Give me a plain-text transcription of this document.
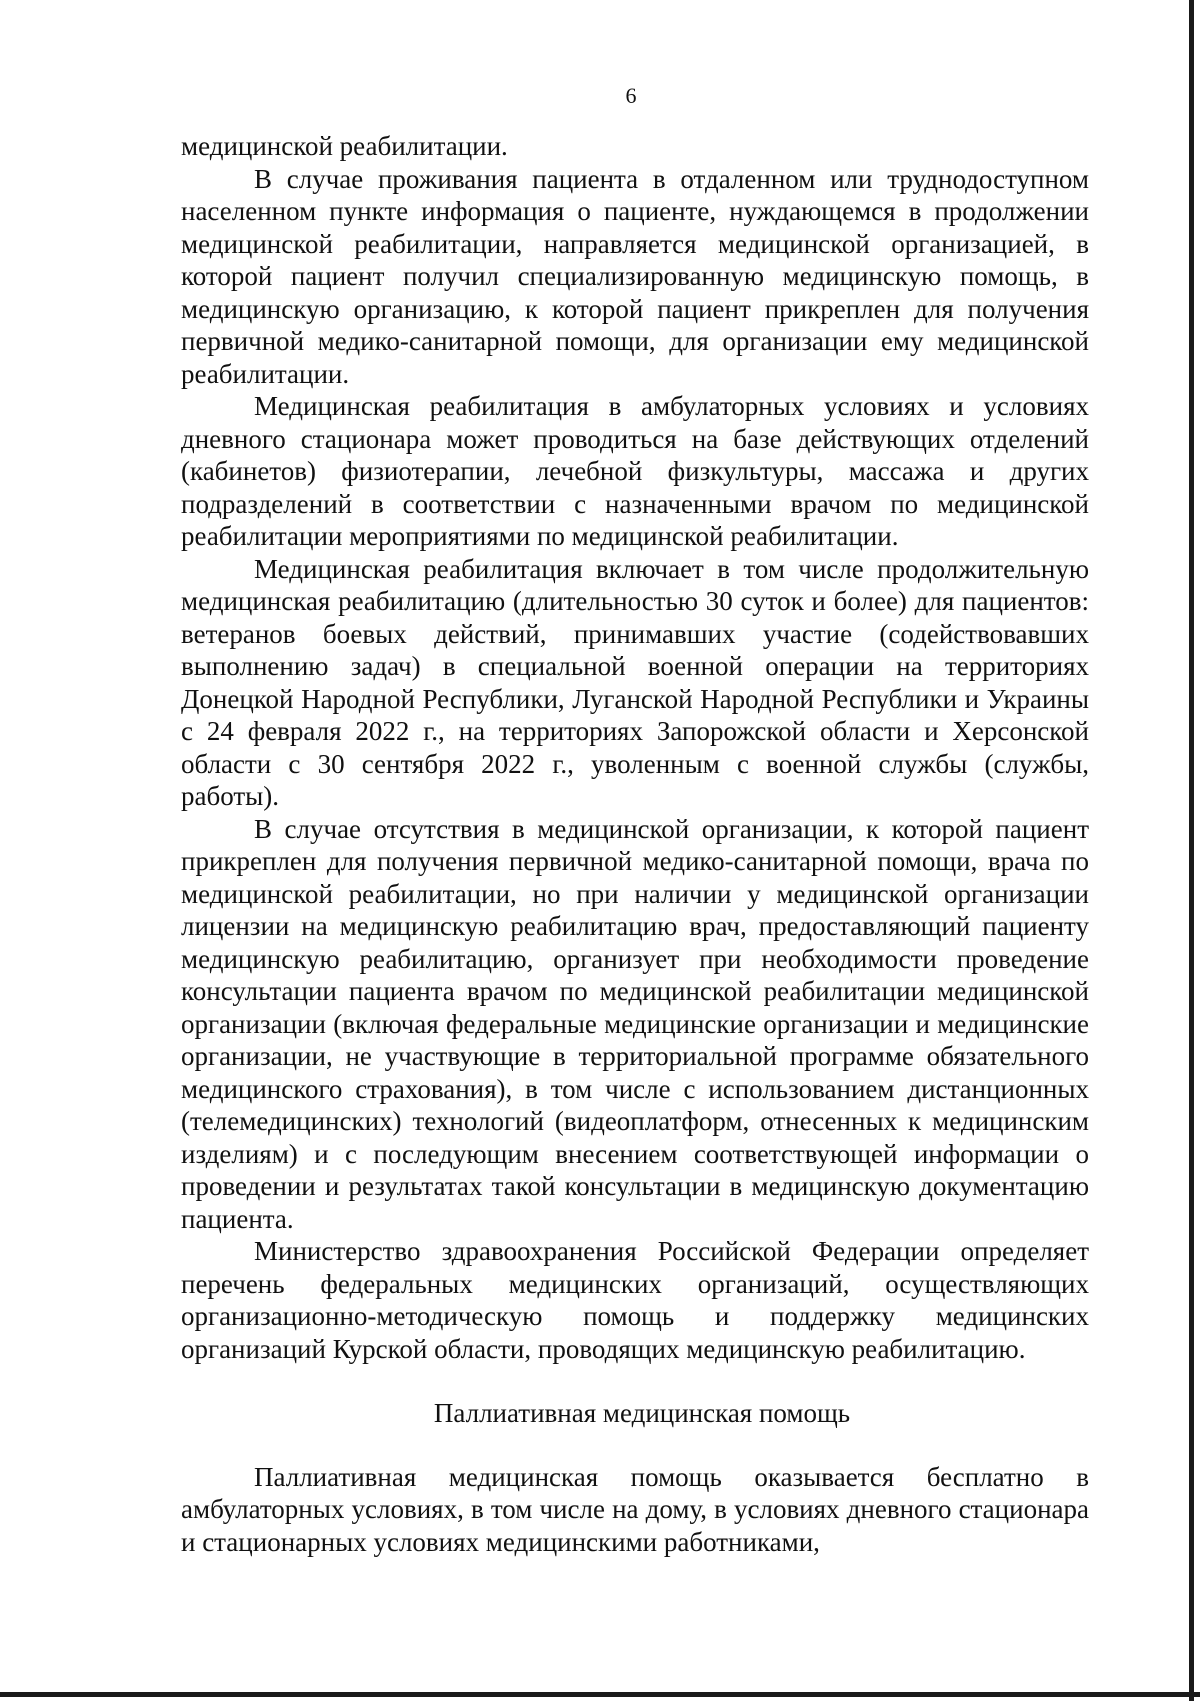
6

медицинской реабилитации.

В случае проживания пациента в отдаленном или труднодоступном населенном пункте информация о пациенте, нуждающемся в продолжении медицинской реабилитации, направляется медицинской организацией, в которой пациент получил специализированную медицинскую помощь, в медицинскую организацию, к которой пациент прикреплен для получения первичной медико-санитарной помощи, для организации ему медицинской реабилитации.

Медицинская реабилитация в амбулаторных условиях и условиях дневного стационара может проводиться на базе действующих отделений (кабинетов) физиотерапии, лечебной физкультуры, массажа и других подразделений в соответствии с назначенными врачом по медицинской реабилитации мероприятиями по медицинской реабилитации.

Медицинская реабилитация включает в том числе продолжительную медицинская реабилитацию (длительностью 30 суток и более) для пациентов: ветеранов боевых действий, принимавших участие (содействовавших выполнению задач) в специальной военной операции на территориях Донецкой Народной Республики, Луганской Народной Республики и Украины с 24 февраля 2022 г., на территориях Запорожской области и Херсонской области с 30 сентября 2022 г., уволенным с военной службы (службы, работы).

В случае отсутствия в медицинской организации, к которой пациент прикреплен для получения первичной медико-санитарной помощи, врача по медицинской реабилитации, но при наличии у медицинской организации лицензии на медицинскую реабилитацию врач, предоставляющий пациенту медицинскую реабилитацию, организует при необходимости проведение консультации пациента врачом по медицинской реабилитации медицинской организации (включая федеральные медицинские организации и медицинские организации, не участвующие в территориальной программе обязательного медицинского страхования), в том числе с использованием дистанционных (телемедицинских) технологий (видеоплатформ, отнесенных к медицинским изделиям) и с последующим внесением соответствующей информации о проведении и результатах такой консультации в медицинскую документацию пациента.

Министерство здравоохранения Российской Федерации определяет перечень федеральных медицинских организаций, осуществляющих организационно-методическую помощь и поддержку медицинских организаций Курской области, проводящих медицинскую реабилитацию.

Паллиативная медицинская помощь

Паллиативная медицинская помощь оказывается бесплатно в амбулаторных условиях, в том числе на дому, в условиях дневного стационара и стационарных условиях медицинскими работниками,
